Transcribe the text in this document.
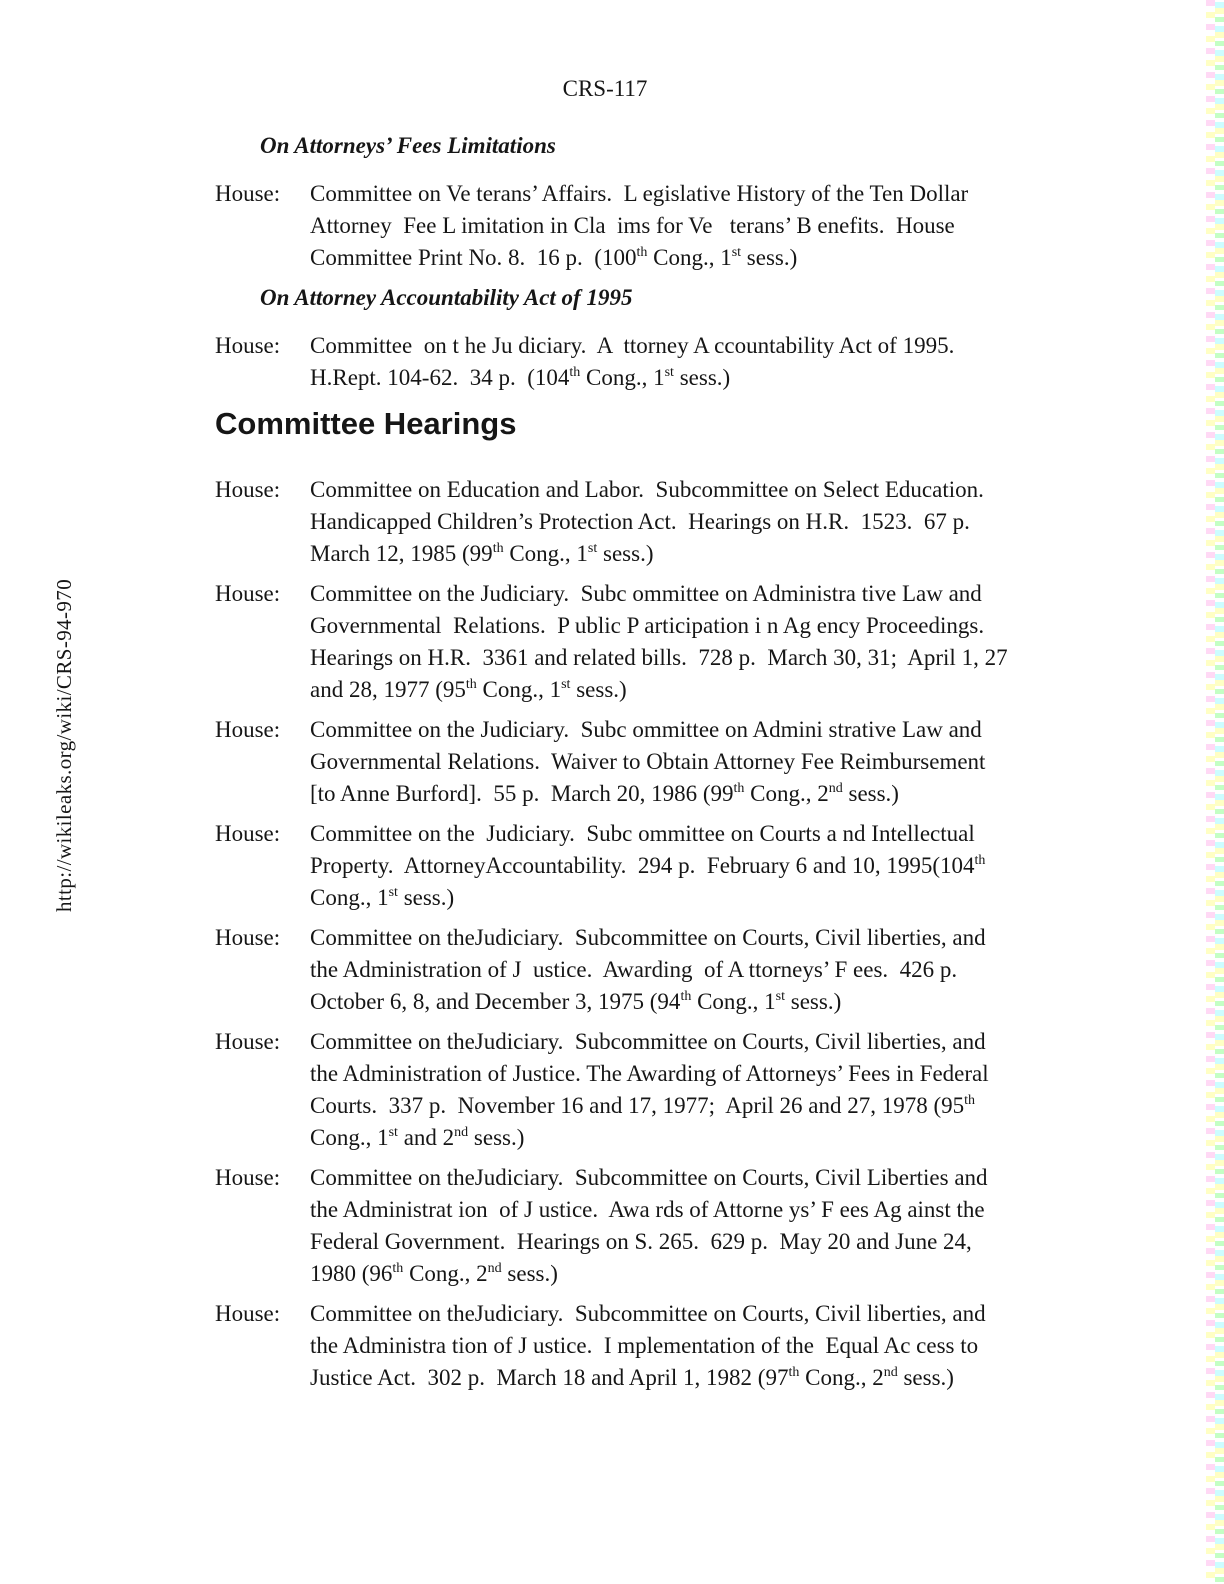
http://wikileaks.org/wiki/CRS-94-970
CRS-117
On Attorneys’ Fees Limitations
House: Committee on Ve terans’ Affairs.  L egislative History of the Ten Dollar
Attorney  Fee L imitation in Cla  ims for Ve   terans’ B enefits.  House
Committee Print No. 8.  16 p.  (100th Cong., 1st sess.)
On Attorney Accountability Act of 1995
House: Committee  on t he Ju diciary.  A  ttorney A ccountability Act of 1995.
H.Rept. 104-62.  34 p.  (104th Cong., 1st sess.)
Committee Hearings
House: Committee on Education and Labor.  Subcommittee on Select Education.
Handicapped Children’s Protection Act.  Hearings on H.R.  1523.  67 p.
March 12, 1985 (99th Cong., 1st sess.)
House: Committee on the Judiciary.  Subc ommittee on Administra tive Law and
Governmental  Relations.  P ublic P articipation i n Ag ency Proceedings.
Hearings on H.R.  3361 and related bills.  728 p.  March 30, 31;  April 1, 27
and 28, 1977 (95th Cong., 1st sess.)
House: Committee on the Judiciary.  Subc ommittee on Admini strative Law and
Governmental Relations.  Waiver to Obtain Attorney Fee Reimbursement
[to Anne Burford].  55 p.  March 20, 1986 (99th Cong., 2nd sess.)
House: Committee on the  Judiciary.  Subc ommittee on Courts a nd Intellectual
Property.  AttorneyAccountability.  294 p.  February 6 and 10, 1995(104th
Cong., 1st sess.)
House: Committee on theJudiciary.  Subcommittee on Courts, Civil liberties, and
the Administration of J  ustice.  Awarding  of A ttorneys’ F ees.  426 p.
October 6, 8, and December 3, 1975 (94th Cong., 1st sess.)
House: Committee on theJudiciary.  Subcommittee on Courts, Civil liberties, and
the Administration of Justice. The Awarding of Attorneys’ Fees in Federal
Courts.  337 p.  November 16 and 17, 1977;  April 26 and 27, 1978 (95th
Cong., 1st and 2nd sess.)
House: Committee on theJudiciary.  Subcommittee on Courts, Civil Liberties and
the Administrat ion  of J ustice.  Awa rds of Attorne ys’ F ees Ag ainst the
Federal Government.  Hearings on S. 265.  629 p.  May 20 and June 24,
1980 (96th Cong., 2nd sess.)
House: Committee on theJudiciary.  Subcommittee on Courts, Civil liberties, and
the Administra tion of J ustice.  I mplementation of the  Equal Ac cess to
Justice Act.  302 p.  March 18 and April 1, 1982 (97th Cong., 2nd sess.)
